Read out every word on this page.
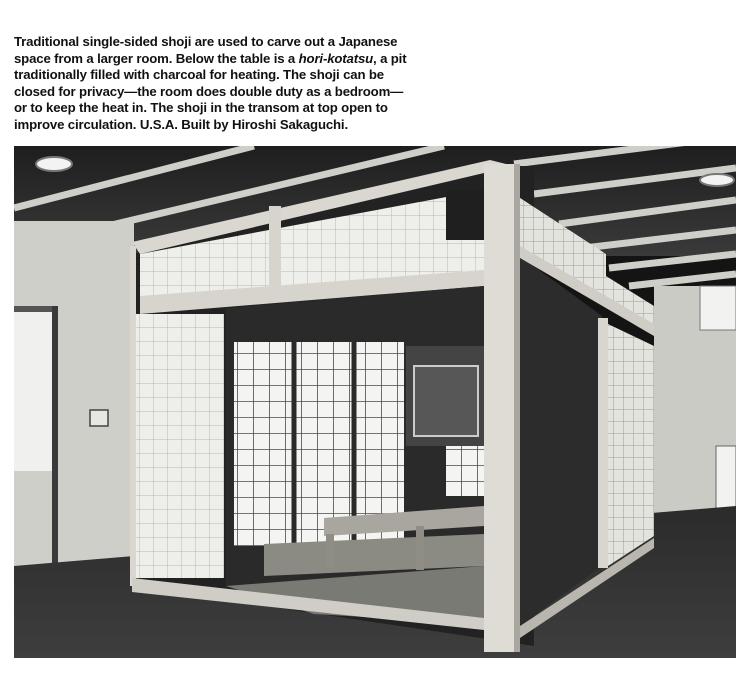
Traditional single-sided shoji are used to carve out a Japanese
space from a larger room. Below the table is a hori-kotatsu, a pit
traditionally filled with charcoal for heating. The shoji can be
closed for privacy—the room does double duty as a bedroom—
or to keep the heat in. The shoji in the transom at top open to
improve circulation. U.S.A. Built by Hiroshi Sakaguchi.
